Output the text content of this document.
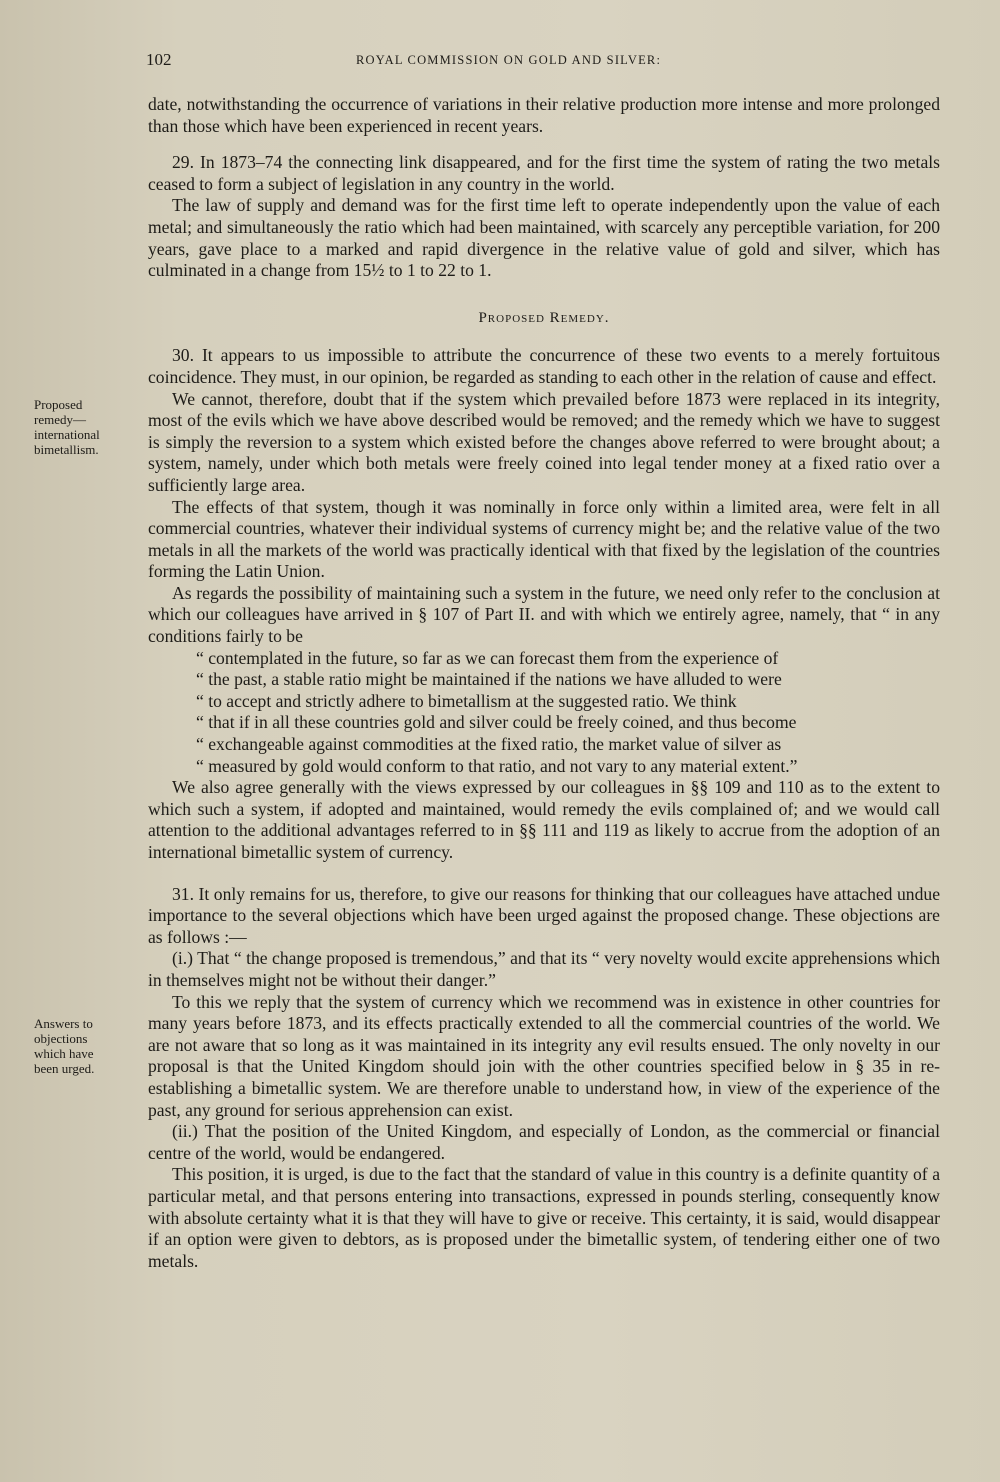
102	ROYAL COMMISSION ON GOLD AND SILVER:
Proposed
remedy—
international
bimetallism.
Answers to
objections
which have
been urged.

date, notwithstanding the occurrence of variations in their relative production more intense and more prolonged than those which have been experienced in recent years.

29. In 1873–74 the connecting link disappeared, and for the first time the system of rating the two metals ceased to form a subject of legislation in any country in the world.

The law of supply and demand was for the first time left to operate independently upon the value of each metal; and simultaneously the ratio which had been maintained, with scarcely any perceptible variation, for 200 years, gave place to a marked and rapid divergence in the relative value of gold and silver, which has culminated in a change from 15½ to 1 to 22 to 1.

Proposed Remedy.

30. It appears to us impossible to attribute the concurrence of these two events to a merely fortuitous coincidence. They must, in our opinion, be regarded as standing to each other in the relation of cause and effect.

We cannot, therefore, doubt that if the system which prevailed before 1873 were replaced in its integrity, most of the evils which we have above described would be removed; and the remedy which we have to suggest is simply the reversion to a system which existed before the changes above referred to were brought about; a system, namely, under which both metals were freely coined into legal tender money at a fixed ratio over a sufficiently large area.

The effects of that system, though it was nominally in force only within a limited area, were felt in all commercial countries, whatever their individual systems of currency might be; and the relative value of the two metals in all the markets of the world was practically identical with that fixed by the legislation of the countries forming the Latin Union.

As regards the possibility of maintaining such a system in the future, we need only refer to the conclusion at which our colleagues have arrived in § 107 of Part II. and with which we entirely agree, namely, that “ in any conditions fairly to be

“ contemplated in the future, so far as we can forecast them from the experience of

“ the past, a stable ratio might be maintained if the nations we have alluded to were

“ to accept and strictly adhere to bimetallism at the suggested ratio. We think

“ that if in all these countries gold and silver could be freely coined, and thus become

“ exchangeable against commodities at the fixed ratio, the market value of silver as

“ measured by gold would conform to that ratio, and not vary to any material extent.”

We also agree generally with the views expressed by our colleagues in §§ 109 and 110 as to the extent to which such a system, if adopted and maintained, would remedy the evils complained of; and we would call attention to the additional advantages referred to in §§ 111 and 119 as likely to accrue from the adoption of an international bimetallic system of currency.

31. It only remains for us, therefore, to give our reasons for thinking that our colleagues have attached undue importance to the several objections which have been urged against the proposed change. These objections are as follows :—

(i.) That “ the change proposed is tremendous,” and that its “ very novelty would excite apprehensions which in themselves might not be without their danger.”

To this we reply that the system of currency which we recommend was in existence in other countries for many years before 1873, and its effects practically extended to all the commercial countries of the world. We are not aware that so long as it was maintained in its integrity any evil results ensued. The only novelty in our proposal is that the United Kingdom should join with the other countries specified below in § 35 in re-establishing a bimetallic system. We are therefore unable to understand how, in view of the experience of the past, any ground for serious apprehension can exist.

(ii.) That the position of the United Kingdom, and especially of London, as the commercial or financial centre of the world, would be endangered.

This position, it is urged, is due to the fact that the standard of value in this country is a definite quantity of a particular metal, and that persons entering into transactions, expressed in pounds sterling, consequently know with absolute certainty what it is that they will have to give or receive. This certainty, it is said, would disappear if an option were given to debtors, as is proposed under the bimetallic system, of tendering either one of two metals.
